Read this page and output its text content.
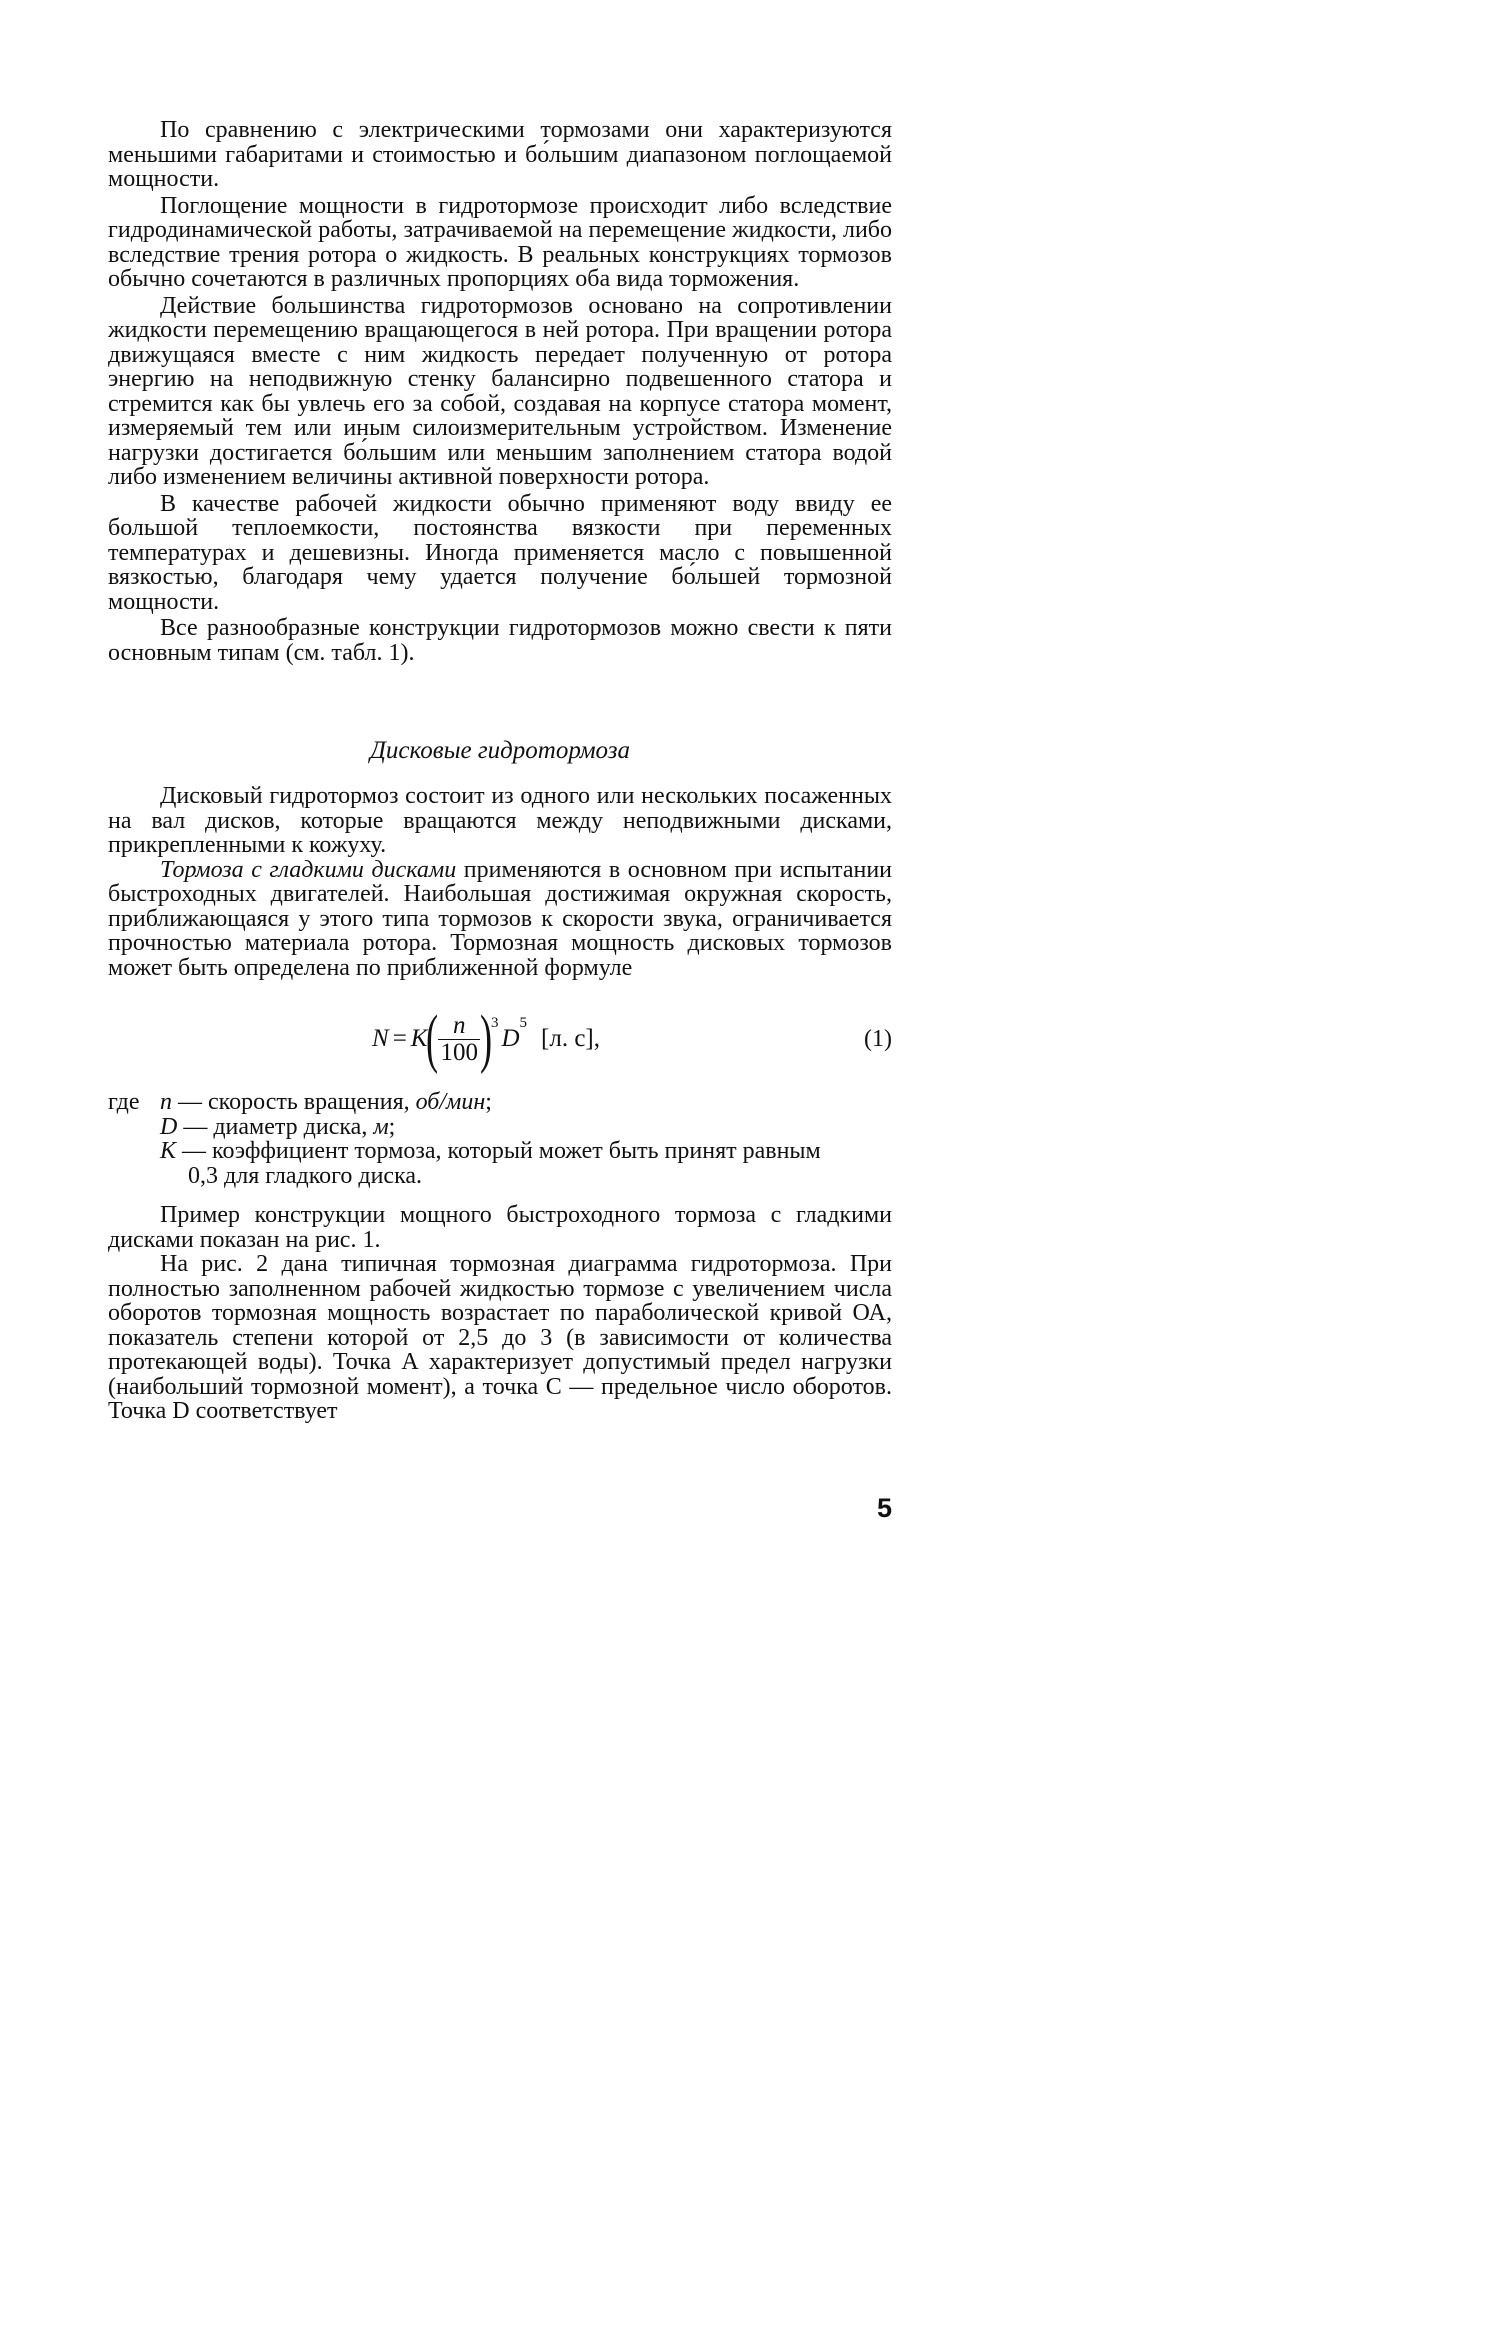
По сравнению с электрическими тормозами они характеризуются меньшими габаритами и стоимостью и бо́льшим диапазоном поглощаемой мощности.

Поглощение мощности в гидротормозе происходит либо вследствие гидродинамической работы, затрачиваемой на перемещение жидкости, либо вследствие трения ротора о жидкость. В реальных конструкциях тормозов обычно сочетаются в различных пропорциях оба вида торможения.

Действие большинства гидротормозов основано на сопротивлении жидкости перемещению вращающегося в ней ротора. При вращении ротора движущаяся вместе с ним жидкость передает полученную от ротора энергию на неподвижную стенку балансирно подвешенного статора и стремится как бы увлечь его за собой, создавая на корпусе статора момент, измеряемый тем или иным силоизмерительным устройством. Изменение нагрузки достигается бо́льшим или меньшим заполнением статора водой либо изменением величины активной поверхности ротора.

В качестве рабочей жидкости обычно применяют воду ввиду ее большой теплоемкости, постоянства вязкости при переменных температурах и дешевизны. Иногда применяется масло с повышенной вязкостью, благодаря чему удается получение бо́льшей тормозной мощности.

Все разнообразные конструкции гидротормозов можно свести к пяти основным типам (см. табл. 1).

Дисковые гидротормоза

Дисковый гидротормоз состоит из одного или нескольких посаженных на вал дисков, которые вращаются между неподвижными дисками, прикрепленными к кожуху.

Тормоза с гладкими дисками применяются в основном при испытании быстроходных двигателей. Наибольшая достижимая окружная скорость, приближающаяся у этого типа тормозов к скорости звука, ограничивается прочностью материала ротора. Тормозная мощность дисковых тормозов может быть определена по приближенной формуле

N = K
( $\frac{n}{100}$ )
3
D
5
[л. с],	(1)
где n — скорость вращения, об/мин;
D — диаметр диска, м;
K — коэффициент тормоза, который может быть принят равным
0,3 для гладкого диска.

Пример конструкции мощного быстроходного тормоза с гладкими дисками показан на рис. 1.

На рис. 2 дана типичная тормозная диаграмма гидротормоза. При полностью заполненном рабочей жидкостью тормозе с увеличением числа оборотов тормозная мощность возрастает по параболической кривой ОА, показатель степени которой от 2,5 до 3 (в зависимости от количества протекающей воды). Точка А характеризует допустимый предел нагрузки (наибольший тормозной момент), а точка С — предельное число оборотов. Точка D соответствует

5
